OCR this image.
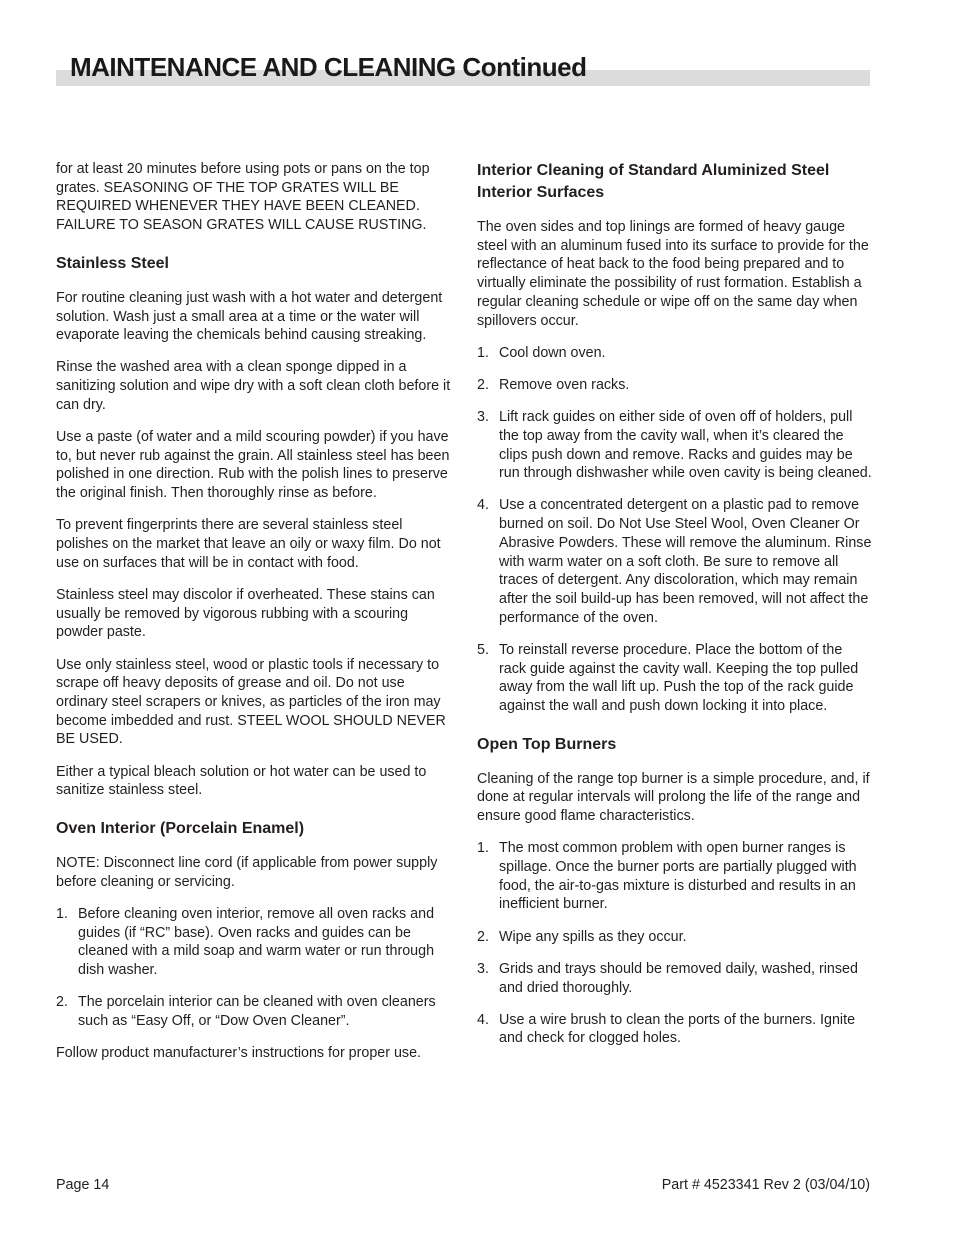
MAINTENANCE AND CLEANING Continued

for at least 20 minutes before using pots or pans on the top grates. SEASONING OF THE TOP GRATES WILL BE REQUIRED WHENEVER THEY HAVE BEEN CLEANED. FAILURE TO SEASON GRATES WILL CAUSE RUSTING.

Stainless Steel

For routine cleaning just wash with a hot water and detergent solution. Wash just a small area at a time or the water will evaporate leaving the chemicals behind causing streaking.

Rinse the washed area with a clean sponge dipped in a sanitizing solution and wipe dry with a soft clean cloth before it can dry.

Use a paste (of water and a mild scouring powder) if you have to, but never rub against the grain. All stainless steel has been polished in one direction. Rub with the polish lines to preserve the original finish. Then thoroughly rinse as before.

To prevent fingerprints there are several stainless steel polishes on the market that leave an oily or waxy film. Do not use on surfaces that will be in contact with food.

Stainless steel may discolor if overheated. These stains can usually be removed by vigorous rubbing with a scouring powder paste.

Use only stainless steel, wood or plastic tools if necessary to scrape off heavy deposits of grease and oil. Do not use ordinary steel scrapers or knives, as particles of the iron may become imbedded and rust. STEEL WOOL SHOULD NEVER BE USED.

Either a typical bleach solution or hot water can be used to sanitize stainless steel.

Oven Interior (Porcelain Enamel)

NOTE: Disconnect line cord (if applicable from power supply before cleaning or servicing.

1. Before cleaning oven interior, remove all oven racks and guides (if “RC” base). Oven racks and guides can be cleaned with a mild soap and warm water or run through dish washer.
2. The porcelain interior can be cleaned with oven cleaners such as “Easy Off, or “Dow Oven Cleaner”.

Follow product manufacturer’s instructions for proper use.

Interior Cleaning of Standard Aluminized Steel Interior Surfaces

The oven sides and top linings are formed of heavy gauge steel with an aluminum fused into its surface to provide for the reflectance of heat back to the food being prepared and to virtually eliminate the possibility of rust formation. Establish a regular cleaning schedule or wipe off on the same day when spillovers occur.

1. Cool down oven.
2. Remove oven racks.
3. Lift rack guides on either side of oven off of holders, pull the top away from the cavity wall, when it’s cleared the clips push down and remove. Racks and guides may be run through dishwasher while oven cavity is being cleaned.
4. Use a concentrated detergent on a plastic pad to remove burned on soil. Do Not Use Steel Wool, Oven Cleaner Or Abrasive Powders. These will remove the aluminum. Rinse with warm water on a soft cloth. Be sure to remove all traces of detergent. Any discoloration, which may remain after the soil build-up has been removed, will not affect the performance of the oven.
5. To reinstall reverse procedure. Place the bottom of the rack guide against the cavity wall. Keeping the top pulled away from the wall lift up. Push the top of the rack guide against the wall and push down locking it into place.
Open Top Burners

Cleaning of the range top burner is a simple procedure, and, if done at regular intervals will prolong the life of the range and ensure good flame characteristics.

1. The most common problem with open burner ranges is spillage. Once the burner ports are partially plugged with food, the air-to-gas mixture is disturbed and results in an inefficient burner.
2. Wipe any spills as they occur.
3. Grids and trays should be removed daily, washed, rinsed and dried thoroughly.
4. Use a wire brush to clean the ports of the burners. Ignite and check for clogged holes.
Page 14	Part # 4523341 Rev 2 (03/04/10)
